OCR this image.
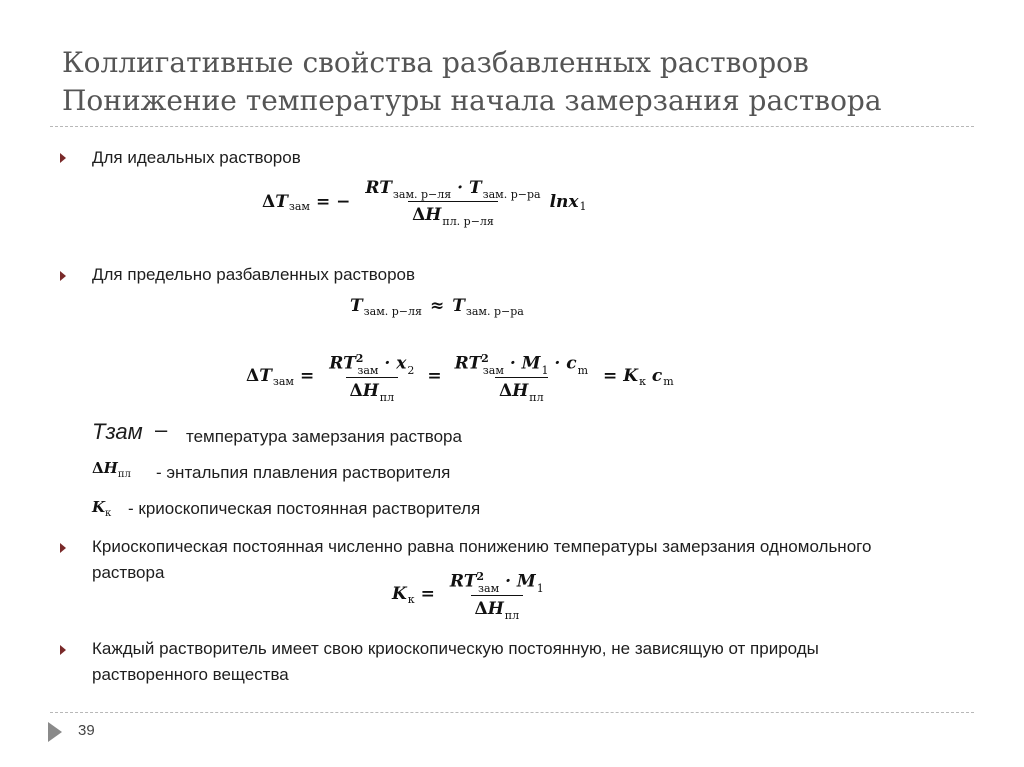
Коллигативные свойства разбавленных растворов
Понижение температуры начала замерзания раствора
Для идеальных растворов
Δ T зам = − $\frac{RT_{зам. р-ля} \cdot T_{зам. р-ра}}{\Delta H_{пл. р-ля}}$ lnx 1
Для предельно разбавленных растворов
T зам. р−ля ≈ T зам. р−ра
Δ T зам = $\frac{RT^2_{зам} \cdot x_2}{\Delta H_{пл}} = \frac{RT^2_{зам} \cdot M_1 \cdot c_m}{\Delta H_{пл}} = K$ к c m
Tзам – температура замерзания раствора
$\Delta H_{пл}$ - энтальпия плавления растворителя
$K_к$ - криоскопическая постоянная растворителя
Криоскопическая постоянная численно равна понижению температуры замерзания одномольного раствора
K $к = \frac{RT^2_{зам} \cdot M_1}{\Delta H_{пл}}$
Каждый растворитель имеет свою криоскопическую постоянную, не зависящую от природы растворенного вещества
39
